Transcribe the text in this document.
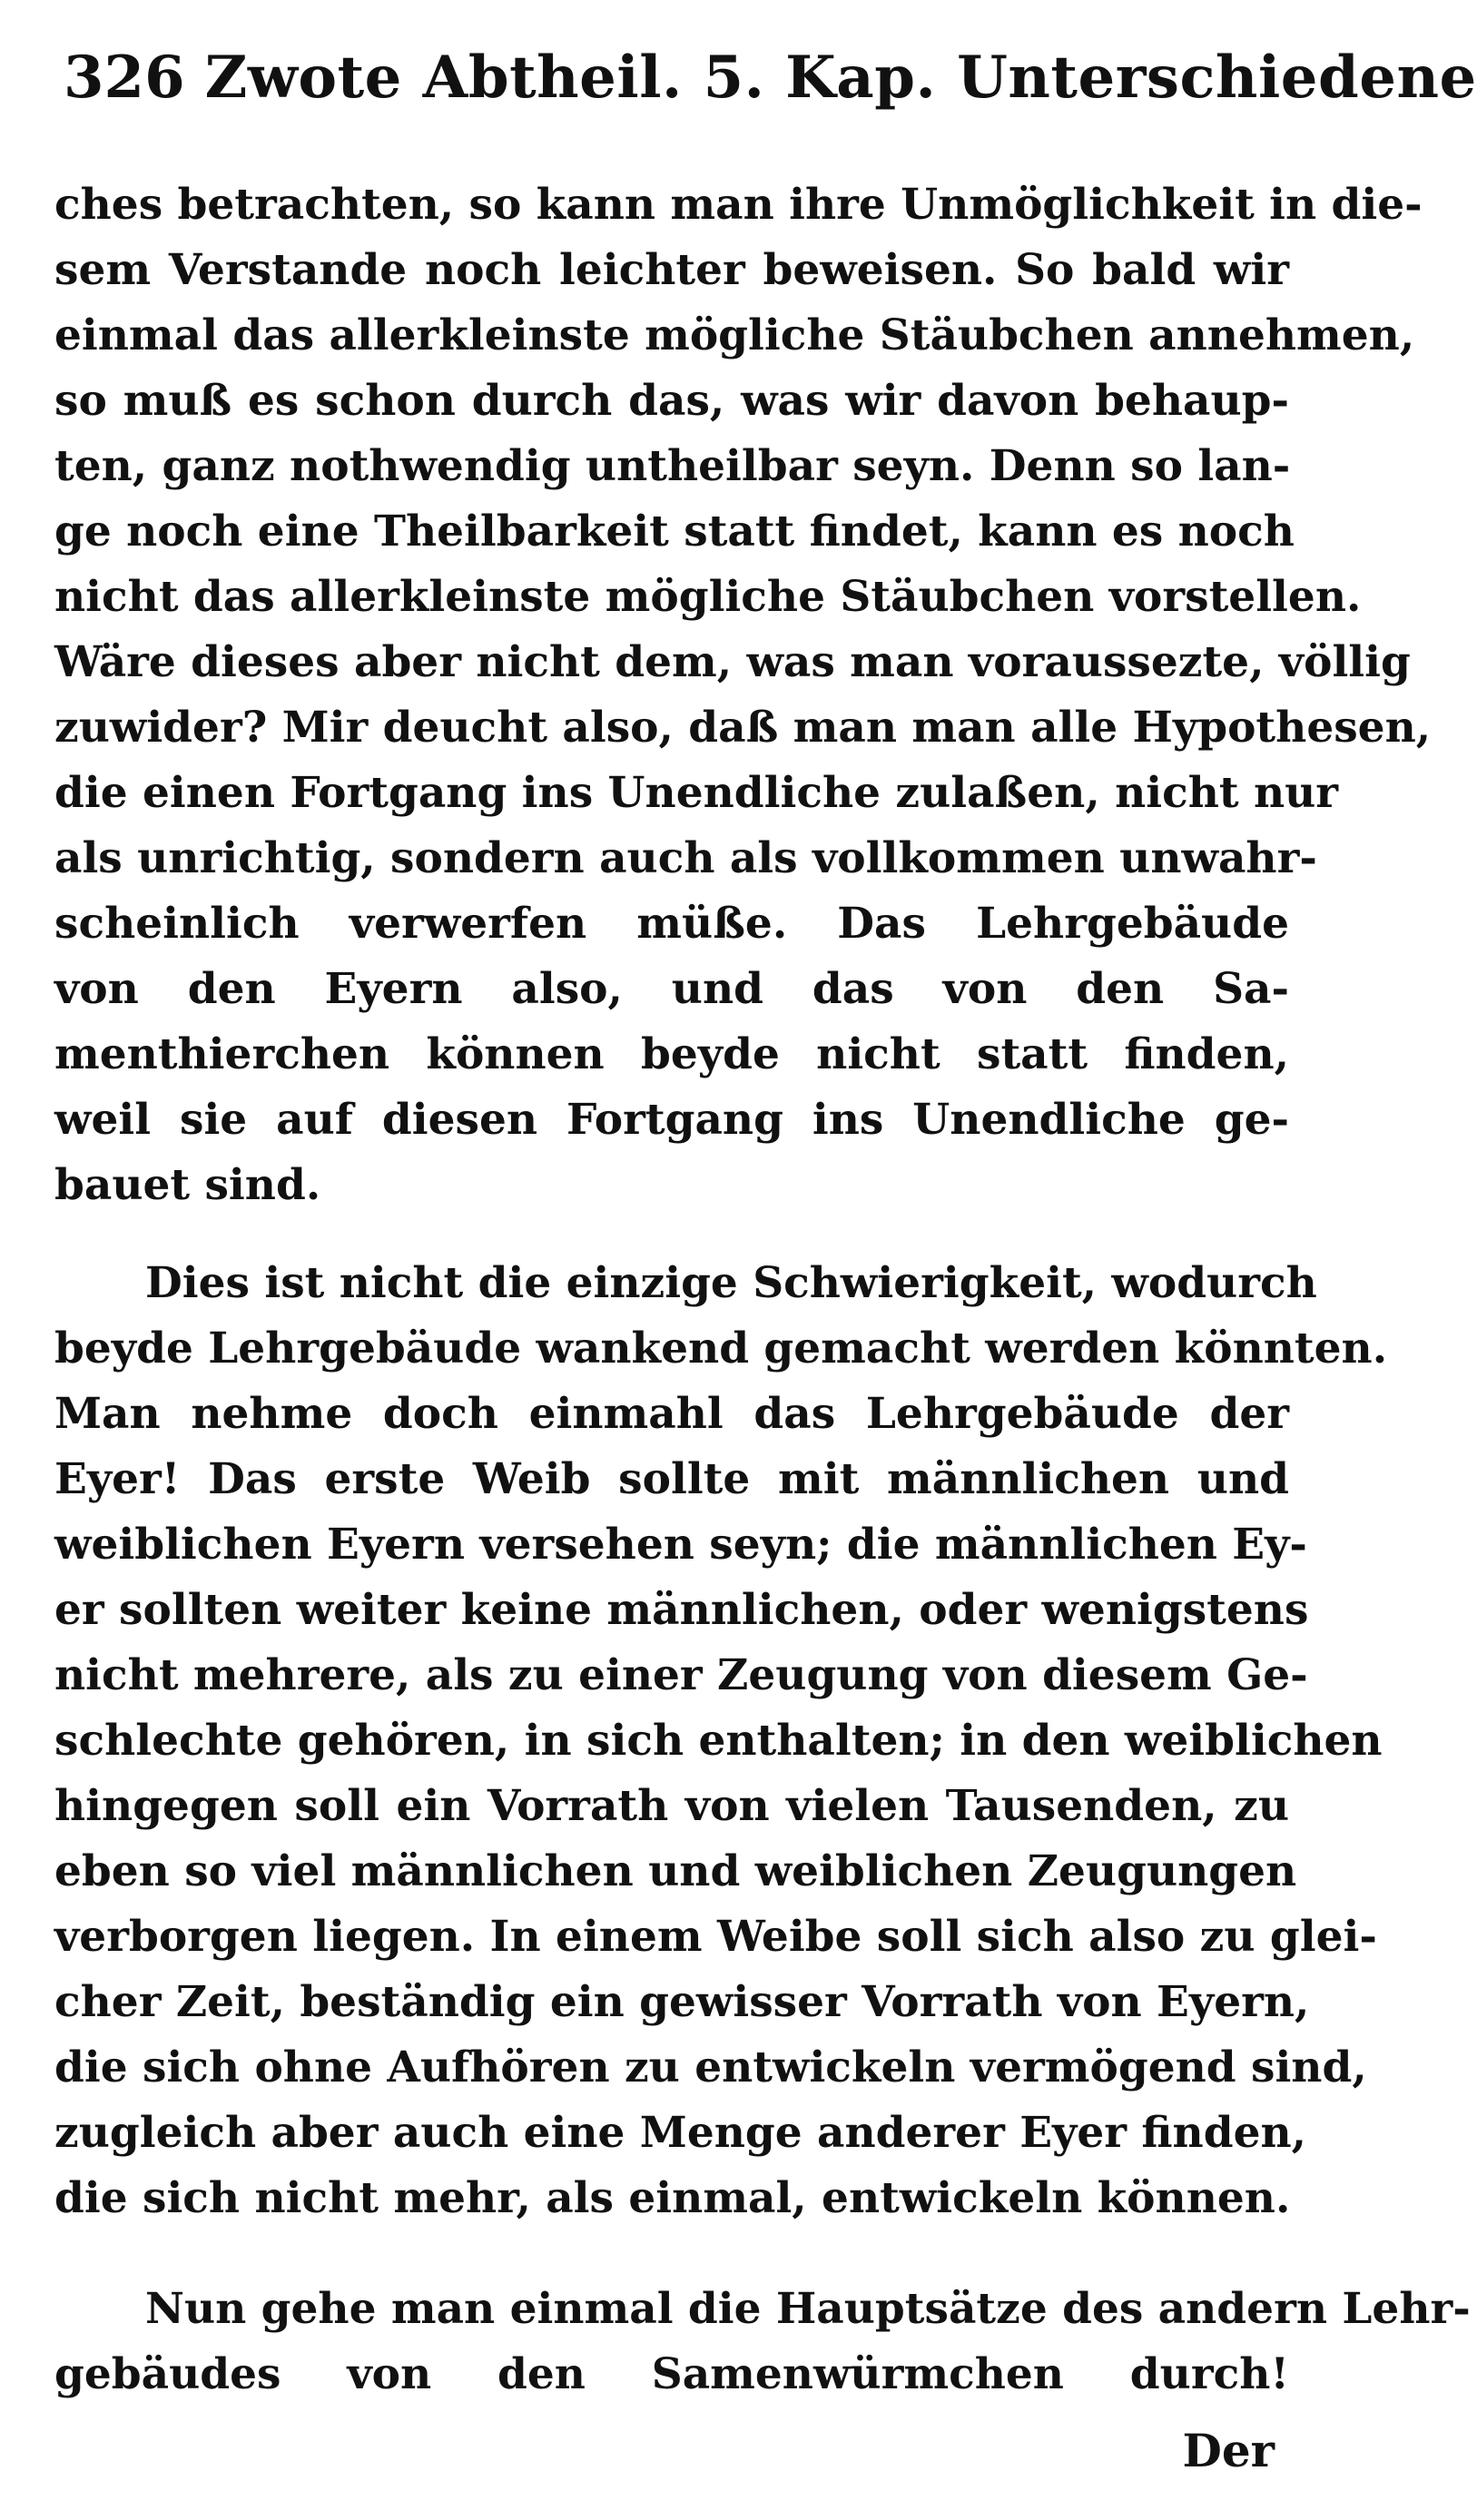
326 Zwote Abtheil. 5. Kap. Unterschiedene
ches betrachten, so kann man ihre Unmöglichkeit in die-
sem Verstande noch leichter beweisen. So bald wir
einmal das allerkleinste mögliche Stäubchen annehmen,
so muß es schon durch das, was wir davon behaup-
ten, ganz nothwendig untheilbar seyn. Denn so lan-
ge noch eine Theilbarkeit statt findet, kann es noch
nicht das allerkleinste mögliche Stäubchen vorstellen.
Wäre dieses aber nicht dem, was man voraussezte, völlig
zuwider? Mir deucht also, daß man man alle Hypothesen,
die einen Fortgang ins Unendliche zulaßen, nicht nur
als unrichtig, sondern auch als vollkommen unwahr-
scheinlich verwerfen müße. Das Lehrgebäude
von den Eyern also, und das von den Sa-
menthierchen können beyde nicht statt finden,
weil sie auf diesen Fortgang ins Unendliche ge-
bauet sind.
Dies ist nicht die einzige Schwierigkeit, wodurch
beyde Lehrgebäude wankend gemacht werden könnten.
Man nehme doch einmahl das Lehrgebäude der
Eyer! Das erste Weib sollte mit männlichen und
weiblichen Eyern versehen seyn; die männlichen Ey-
er sollten weiter keine männlichen, oder wenigstens
nicht mehrere, als zu einer Zeugung von diesem Ge-
schlechte gehören, in sich enthalten; in den weiblichen
hingegen soll ein Vorrath von vielen Tausenden, zu
eben so viel männlichen und weiblichen Zeugungen
verborgen liegen. In einem Weibe soll sich also zu glei-
cher Zeit, beständig ein gewisser Vorrath von Eyern,
die sich ohne Aufhören zu entwickeln vermögend sind,
zugleich aber auch eine Menge anderer Eyer finden,
die sich nicht mehr, als einmal, entwickeln können.
Nun gehe man einmal die Hauptsätze des andern Lehr-
gebäudes von den Samenwürmchen durch!
Der
